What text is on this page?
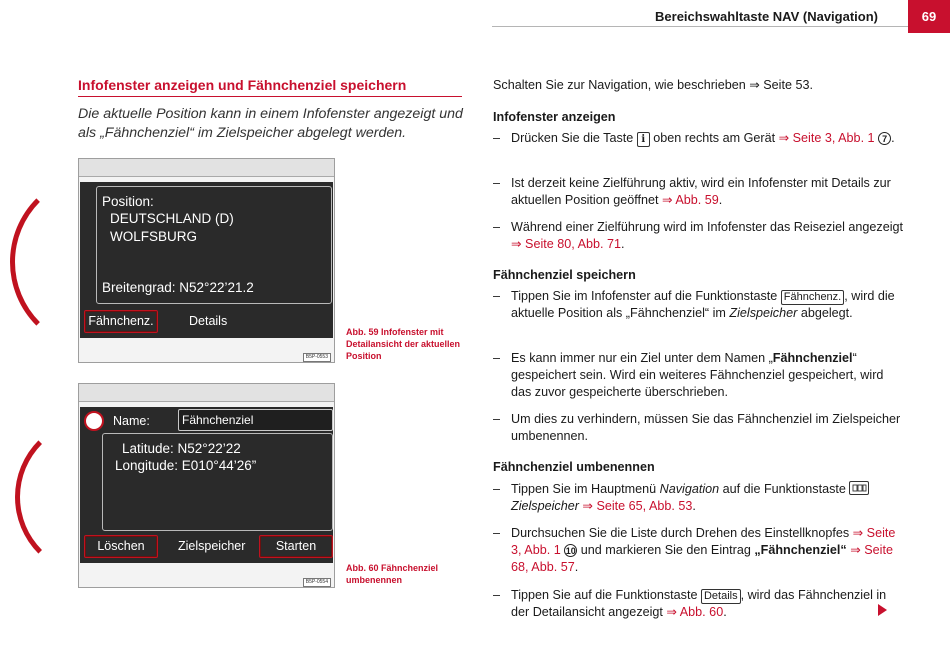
Bereichswahltaste NAV (Navigation)	69
Infofenster anzeigen und Fähnchenziel speichern
Die aktuelle Position kann in einem Infofenster angezeigt und als „Fähnchenziel“ im Zielspeicher abgelegt werden.
Position:
DEUTSCHLAND (D)
WOLFSBURG
Breitengrad: N52°22’21.2
Fähnchenz.	Details
B5P-0553
Abb. 59 Infofenster mit Detailansicht der aktuellen Position
Name:	Fähnchenziel
Latitude: N52°22’22
Longitude: E010°44’26”
Löschen	Zielspeicher	Starten
B5P-0554
Abb. 60 Fähnchenziel umbenennen
Schalten Sie zur Navigation, wie beschrieben ⇒ Seite 53.
Infofenster anzeigen
– Drücken Sie die Taste i oben rechts am Gerät ⇒ Seite 3, Abb. 1 7 .
– Ist derzeit keine Zielführung aktiv, wird ein Infofenster mit Details zur aktuellen Position geöffnet ⇒ Abb. 59.
– Während einer Zielführung wird im Infofenster das Reiseziel angezeigt ⇒ Seite 80, Abb. 71.
Fähnchenziel speichern
– Tippen Sie im Infofenster auf die Funktionstaste Fähnchenz. , wird die aktuelle Position als „Fähnchenziel“ im Zielspeicher abgelegt.
– Es kann immer nur ein Ziel unter dem Namen „Fähnchenziel“ gespeichert sein. Wird ein weiteres Fähnchenziel gespeichert, wird das zuvor gespeicherte überschrieben.
– Um dies zu verhindern, müssen Sie das Fähnchenziel im Zielspeicher umbenennen.
Fähnchenziel umbenennen
– Tippen Sie im Hauptmenü Navigation auf die Funktionstaste

Zielspeicher ⇒ Seite 65, Abb. 53.
– Durchsuchen Sie die Liste durch Drehen des Einstellknopfes ⇒ Seite 3, Abb. 1 10 und markieren Sie den Eintrag „Fähnchenziel“ ⇒ Seite 68, Abb. 57.
– Tippen Sie auf die Funktionstaste Details , wird das Fähnchenziel in der Detailansicht angezeigt ⇒ Abb. 60.
